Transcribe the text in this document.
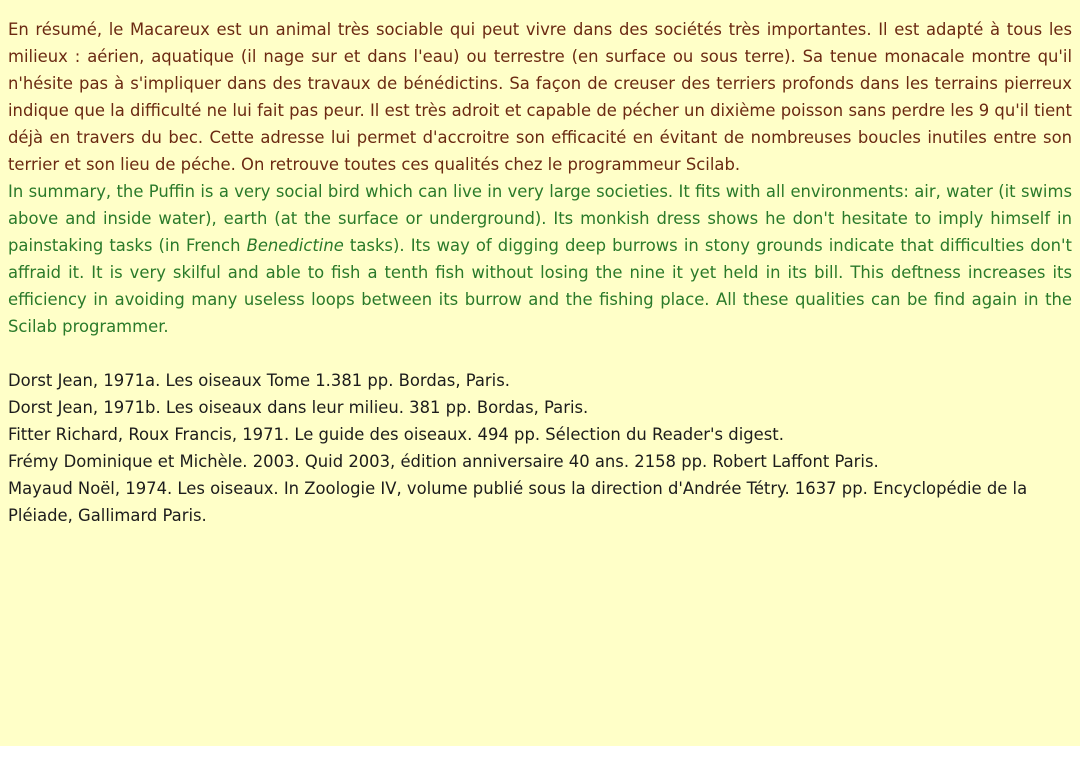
En résumé, le Macareux est un animal très sociable qui peut vivre dans des sociétés très importantes. Il est adapté à tous les milieux : aérien, aquatique (il nage sur et dans l'eau) ou terrestre (en surface ou sous terre). Sa tenue monacale montre qu'il n'hésite pas à s'impliquer dans des travaux de bénédictins. Sa façon de creuser des terriers profonds dans les terrains pierreux indique que la difficulté ne lui fait pas peur. Il est très adroit et capable de pécher un dixième poisson sans perdre les 9 qu'il tient déjà en travers du bec. Cette adresse lui permet d'accroitre son efficacité en évitant de nombreuses boucles inutiles entre son terrier et son lieu de péche. On retrouve toutes ces qualités chez le programmeur Scilab.

In summary, the Puffin is a very social bird which can live in very large societies. It fits with all environments: air, water (it swims above and inside water), earth (at the surface or underground). Its monkish dress shows he don't hesitate to imply himself in painstaking tasks (in French Benedictine tasks). Its way of digging deep burrows in stony grounds indicate that difficulties don't affraid it. It is very skilful and able to fish a tenth fish without losing the nine it yet held in its bill. This deftness increases its efficiency in avoiding many useless loops between its burrow and the fishing place. All these qualities can be find again in the Scilab programmer.

Dorst Jean, 1971a. Les oiseaux Tome 1.381 pp. Bordas, Paris.

Dorst Jean, 1971b. Les oiseaux dans leur milieu. 381 pp. Bordas, Paris.

Fitter Richard, Roux Francis, 1971. Le guide des oiseaux. 494 pp. Sélection du Reader's digest.

Frémy Dominique et Michèle. 2003. Quid 2003, édition anniversaire 40 ans. 2158 pp. Robert Laffont Paris.

Mayaud Noël, 1974. Les oiseaux. In Zoologie IV, volume publié sous la direction d'Andrée Tétry. 1637 pp. Encyclopédie de la Pléiade, Gallimard Paris.
